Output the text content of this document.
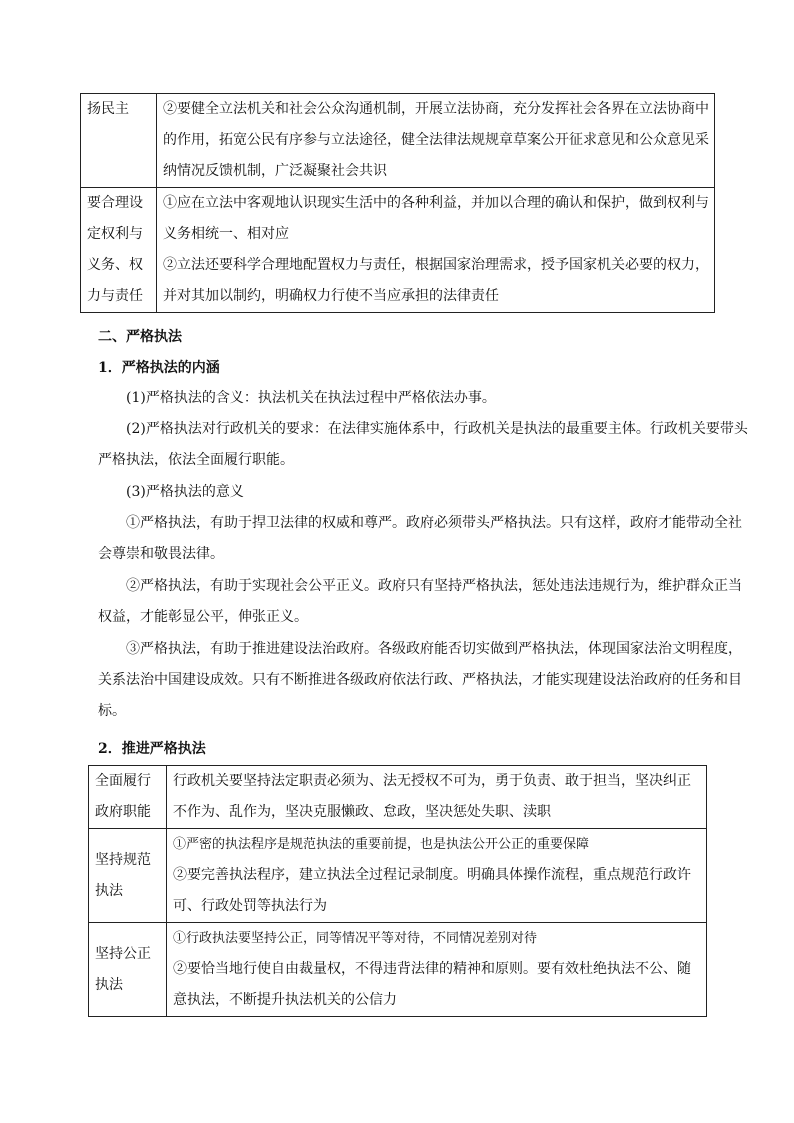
扬民主	②要健全立法机关和社会公众沟通机制，开展立法协商，充分发挥社会各界在立法协商中
的作用，拓宽公民有序参与立法途径，健全法律法规规章草案公开征求意见和公众意见采
纳情况反馈机制，广泛凝聚社会共识

要合理设
定权利与
义务、权
力与责任	①应在立法中客观地认识现实生活中的各种利益，并加以合理的确认和保护，做到权利与
义务相统一、相对应
②立法还要科学合理地配置权力与责任，根据国家治理需求，授予国家机关必要的权力，
并对其加以制约，明确权力行使不当应承担的法律责任
二、严格执法
1．严格执法的内涵

(1)严格执法的含义：执法机关在执法过程中严格依法办事。

(2)严格执法对行政机关的要求：在法律实施体系中，行政机关是执法的最重要主体。行政机关要带头
严格执法，依法全面履行职能。

(3)严格执法的意义

①严格执法，有助于捍卫法律的权威和尊严。政府必须带头严格执法。只有这样，政府才能带动全社
会尊崇和敬畏法律。
②严格执法，有助于实现社会公平正义。政府只有坚持严格执法，惩处违法违规行为，维护群众正当
权益，才能彰显公平，伸张正义。
③严格执法，有助于推进建设法治政府。各级政府能否切实做到严格执法，体现国家法治文明程度，
关系法治中国建设成效。只有不断推进各级政府依法行政、严格执法，才能实现建设法治政府的任务和目
标。
2．推进严格执法
全面履行
政府职能	行政机关要坚持法定职责必须为、法无授权不可为，勇于负责、敢于担当，坚决纠正
不作为、乱作为，坚决克服懒政、怠政，坚决惩处失职、渎职

坚持规范
执法	①严密的执法程序是规范执法的重要前提，也是执法公开公正的重要保障
②要完善执法程序，建立执法全过程记录制度。明确具体操作流程，重点规范行政许
可、行政处罚等执法行为

坚持公正
执法	①行政执法要坚持公正，同等情况平等对待，不同情况差别对待
②要恰当地行使自由裁量权，不得违背法律的精神和原则。要有效杜绝执法不公、随
意执法，不断提升执法机关的公信力
